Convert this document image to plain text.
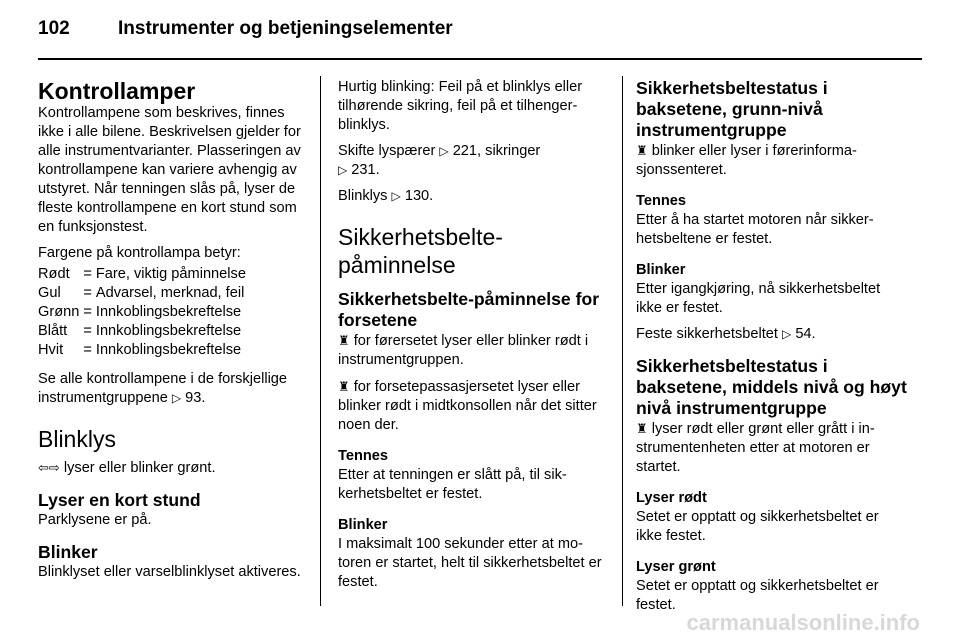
102	Instrumenter og betjeningselementer
Kontrollamper

Kontrollampene som beskrives, finnes ikke i alle bilene. Beskrivelsen gjelder for alle instrumentvarianter. Plasseringen av kontrollampene kan variere avhengig av utstyret. Når tenningen slås på, lyser de fleste kontrollampene en kort stund som en funksjonstest.

Fargene på kontrollampa betyr:

Rødt	=	Fare, viktig påminnelse
Gul	=	Advarsel, merknad, feil
Grønn	=	Innkoblingsbekreftelse
Blått	=	Innkoblingsbekreftelse
Hvit	=	Innkoblingsbekreftelse

Se alle kontrollampene i de forskjellige instrumentgruppene ▷ 93.

Blinklys

⇦⇨ lyser eller blinker grønt.

Lyser en kort stund

Parklysene er på.

Blinker

Blinklyset eller varselblinklyset aktiveres.

Hurtig blinking: Feil på et blinklys eller tilhørende sikring, feil på et tilhengerblinklys.

Skifte lyspærer ▷ 221, sikringer
▷ 231.

Blinklys ▷ 130.

Sikkerhetsbelte-påminnelse
Sikkerhetsbelte-påminnelse for forsetene

♜ for førersetet lyser eller blinker rødt i instrumentgruppen.

♜ for forsetepassasjersetet lyser eller blinker rødt i midtkonsollen når det sitter noen der.

Tennes

Etter at tenningen er slått på, til sikkerhetsbeltet er festet.

Blinker

I maksimalt 100 sekunder etter at motoren er startet, helt til sikkerhetsbeltet er festet.

Sikkerhetsbeltestatus i baksetene, grunn-nivå instrumentgruppe

♜ blinker eller lyser i førerinformasjonssenteret.

Tennes

Etter å ha startet motoren når sikkerhetsbeltene er festet.

Blinker

Etter igangkjøring, nå sikkerhetsbeltet ikke er festet.

Feste sikkerhetsbeltet ▷ 54.

Sikkerhetsbeltestatus i baksetene, middels nivå og høyt nivå instrumentgruppe

♜ lyser rødt eller grønt eller grått i instrumentenheten etter at motoren er startet.

Lyser rødt

Setet er opptatt og sikkerhetsbeltet er ikke festet.

Lyser grønt

Setet er opptatt og sikkerhetsbeltet er festet.

carmanualsonline.info
